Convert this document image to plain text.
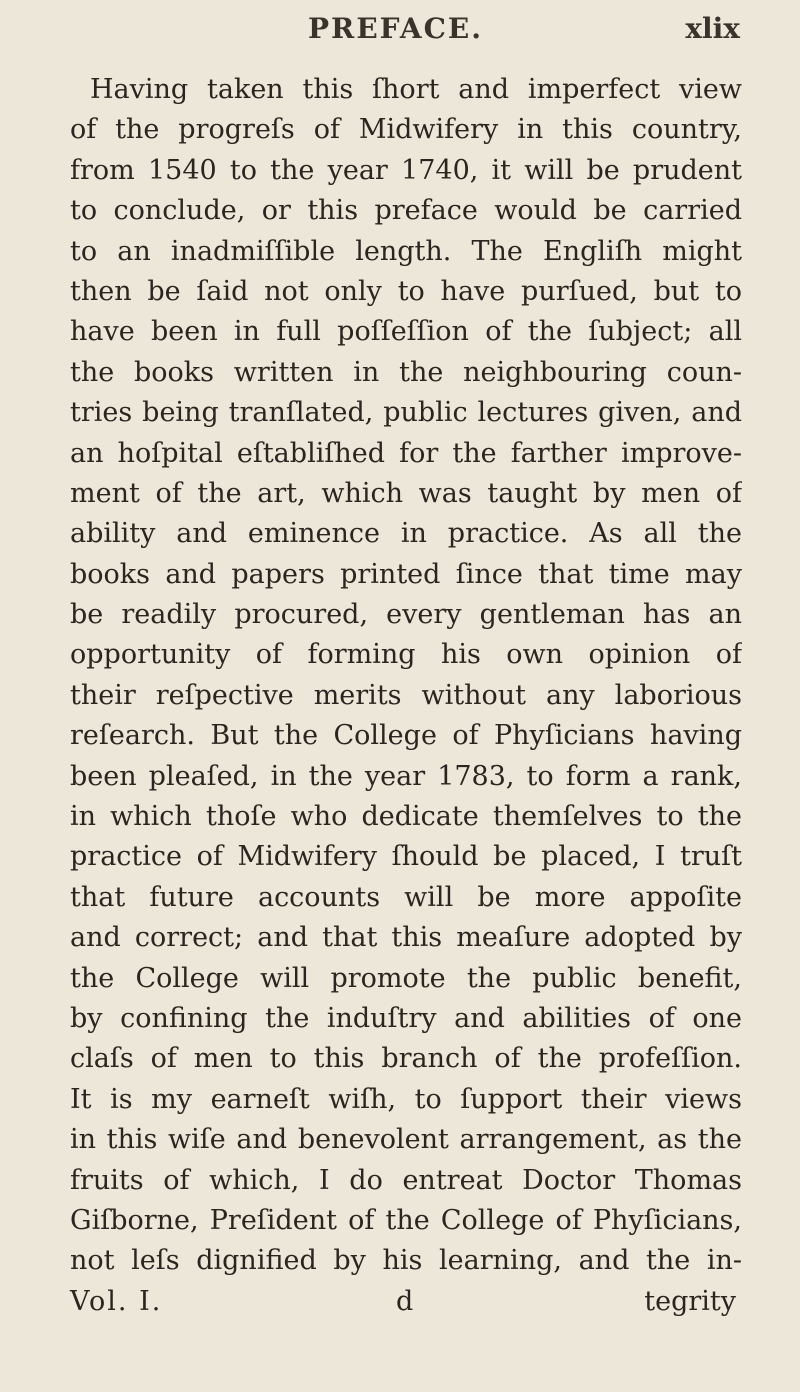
PREFACE.	xlix
Having taken this ſhort and imperfect view
of the progreſs of Midwifery in this country,
from 1540 to the year 1740, it will be prudent
to conclude, or this preface would be carried
to an inadmiſſible length. The Engliſh might
then be ſaid not only to have purſued, but to
have been in full poſſeſſion of the ſubject; all
the books written in the neighbouring coun-
tries being tranſlated, public lectures given, and
an hoſpital eſtabliſhed for the farther improve-
ment of the art, which was taught by men of
ability and eminence in practice. As all the
books and papers printed ſince that time may
be readily procured, every gentleman has an
opportunity of forming his own opinion of
their reſpective merits without any laborious
reſearch. But the College of Phyſicians having
been pleaſed, in the year 1783, to form a rank,
in which thoſe who dedicate themſelves to the
practice of Midwifery ſhould be placed, I truſt
that future accounts will be more appoſite
and correct; and that this meaſure adopted by
the College will promote the public benefit,
by confining the induſtry and abilities of one
claſs of men to this branch of the profeſſion.
It is my earneſt wiſh, to ſupport their views
in this wiſe and benevolent arrangement, as the
fruits of which, I do entreat Doctor Thomas
Giſborne, Preſident of the College of Phyſicians,
not leſs dignified by his learning, and the in-
Vol. I.	d	tegrity
